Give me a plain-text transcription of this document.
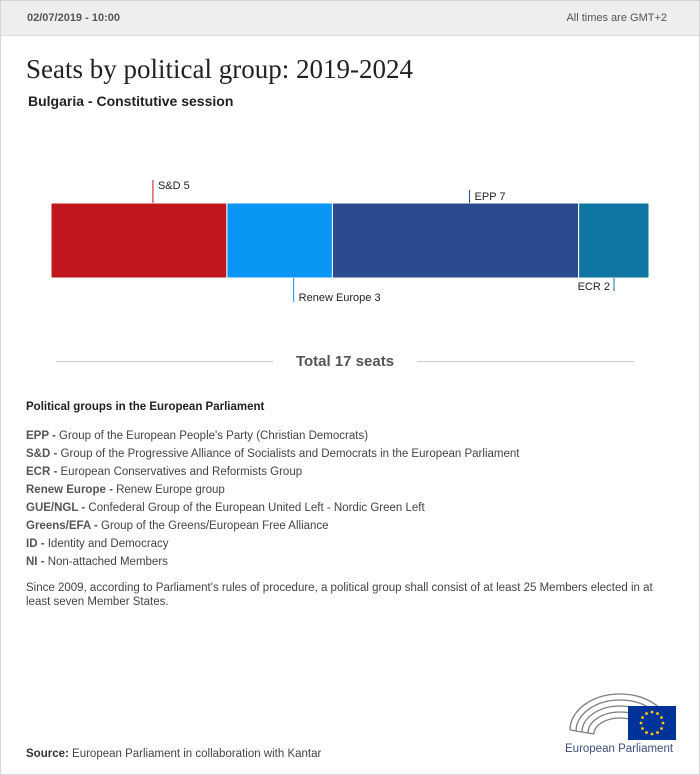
02/07/2019 - 10:00	All times are GMT+2
Seats by political group: 2019-2024
Bulgaria - Constitutive session
S&D 5
Renew Europe 3
EPP 7
ECR 2
Total 17 seats
Political groups in the European Parliament
EPP - Group of the European People's Party (Christian Democrats)
S&D - Group of the Progressive Alliance of Socialists and Democrats in the European Parliament
ECR - European Conservatives and Reformists Group
Renew Europe - Renew Europe group
GUE/NGL - Confederal Group of the European United Left - Nordic Green Left
Greens/EFA - Group of the Greens/European Free Alliance
ID - Identity and Democracy
NI - Non-attached Members
Since 2009, according to Parliament's rules of procedure, a political group shall consist of at least 25 Members elected in at least seven Member States.
Source: European Parliament in collaboration with Kantar	European Parliament
